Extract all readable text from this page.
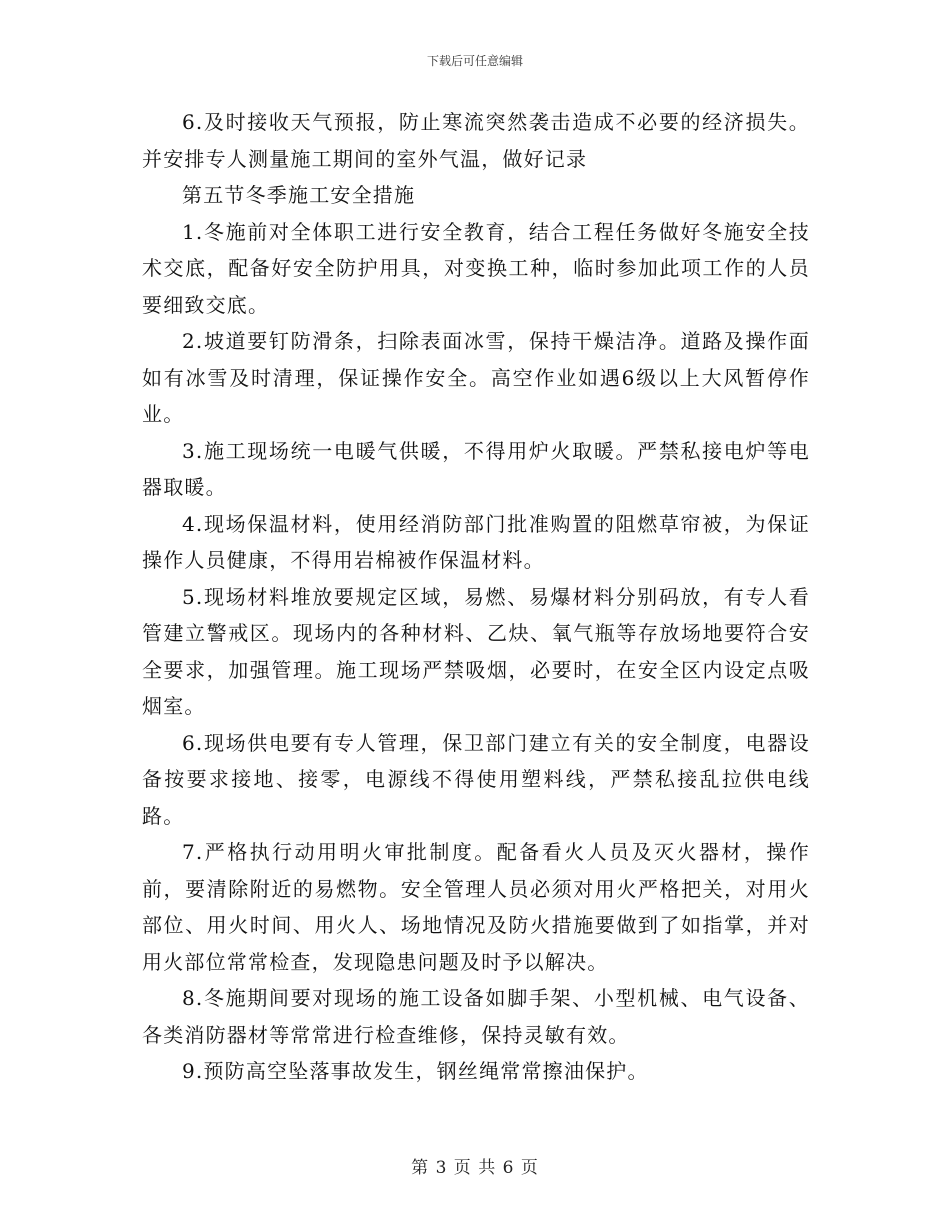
下载后可任意编辑

6.及时接收天气预报，防止寒流突然袭击造成不必要的经济损失。并安排专人测量施工期间的室外气温，做好记录

第五节冬季施工安全措施

1.冬施前对全体职工进行安全教育，结合工程任务做好冬施安全技术交底，配备好安全防护用具，对变换工种，临时参加此项工作的人员要细致交底。

2.坡道要钉防滑条，扫除表面冰雪，保持干燥洁净。道路及操作面如有冰雪及时清理，保证操作安全。高空作业如遇6级以上大风暂停作业。

3.施工现场统一电暖气供暖，不得用炉火取暖。严禁私接电炉等电器取暖。

4.现场保温材料，使用经消防部门批准购置的阻燃草帘被，为保证操作人员健康，不得用岩棉被作保温材料。

5.现场材料堆放要规定区域，易燃、易爆材料分别码放，有专人看管建立警戒区。现场内的各种材料、乙炔、氧气瓶等存放场地要符合安全要求，加强管理。施工现场严禁吸烟，必要时，在安全区内设定点吸烟室。

6.现场供电要有专人管理，保卫部门建立有关的安全制度，电器设备按要求接地、接零，电源线不得使用塑料线，严禁私接乱拉供电线路。

7.严格执行动用明火审批制度。配备看火人员及灭火器材，操作前，要清除附近的易燃物。安全管理人员必须对用火严格把关，对用火部位、用火时间、用火人、场地情况及防火措施要做到了如指掌，并对用火部位常常检查，发现隐患问题及时予以解决。

8.冬施期间要对现场的施工设备如脚手架、小型机械、电气设备、各类消防器材等常常进行检查维修，保持灵敏有效。

9.预防高空坠落事故发生，钢丝绳常常擦油保护。

第 3 页 共 6 页
